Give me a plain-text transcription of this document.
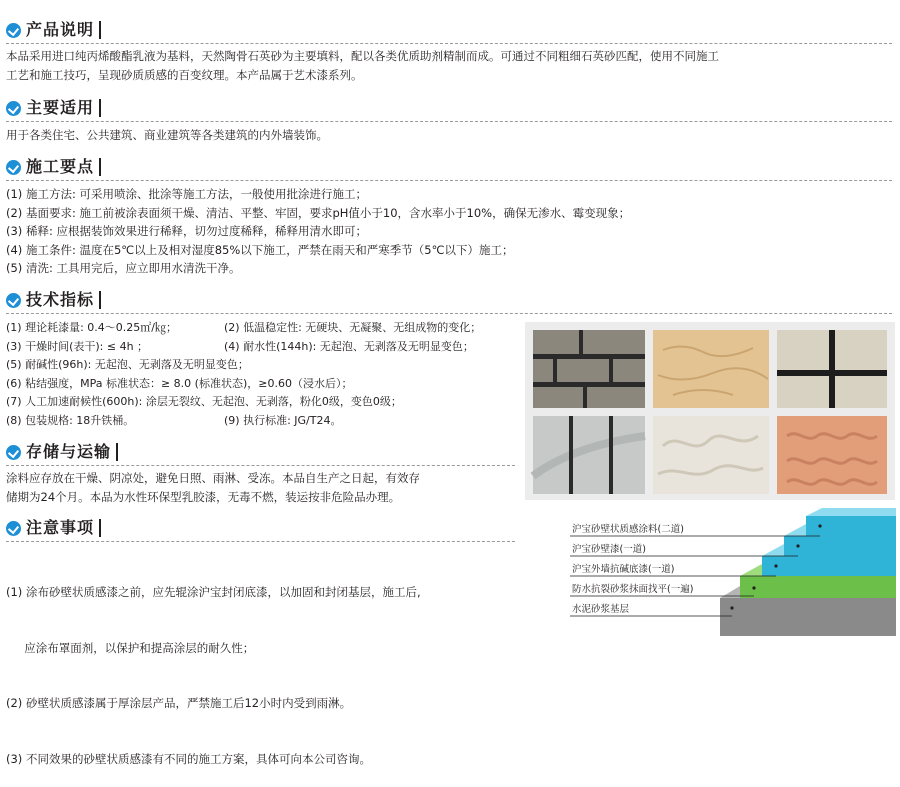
产品说明
本品采用进口纯丙烯酸酯乳液为基料，天然陶骨石英砂为主要填料，配以各类优质助剂精制而成。可通过不同粗细石英砂匹配，使用不同施工
工艺和施工技巧，呈现砂质质感的百变纹理。本产品属于艺术漆系列。
主要适用
用于各类住宅、公共建筑、商业建筑等各类建筑的内外墙装饰。
施工要点
(1) 施工方法: 可采用喷涂、批涂等施工方法，一般使用批涂进行施工；
(2) 基面要求: 施工前被涂表面须干燥、清洁、平整、牢固，要求pH值小于10，含水率小于10%，确保无渗水、霉变现象；
(3) 稀释: 应根据装饰效果进行稀释，切勿过度稀释，稀释用清水即可；
(4) 施工条件: 温度在5℃以上及相对湿度85%以下施工，严禁在雨天和严寒季节（5℃以下）施工；
(5) 清洗: 工具用完后，应立即用水清洗干净。
技术指标
(1) 理论耗漆量: 0.4～0.25㎡/㎏；	(2) 低温稳定性: 无硬块、无凝聚、无组成物的变化；
(3) 干燥时间(表干): ≤ 4h ；	(4) 耐水性(144h): 无起泡、无剥落及无明显变色；
(5) 耐碱性(96h): 无起泡、无剥落及无明显变色；
(6) 粘结强度，MPa 标准状态：≥ 8.0 (标准状态)，≥0.60（浸水后）；
(7) 人工加速耐候性(600h): 涂层无裂纹、无起泡、无剥落，粉化0级，变色0级；
(8) 包装规格: 18升铁桶。	(9) 执行标准: JG/T24。
存储与运输
涂料应存放在干燥、阴凉处，避免日照、雨淋、受冻。本品自生产之日起，有效存
储期为24个月。本品为水性环保型乳胶漆，无毒不燃，装运按非危险品办理。
注意事项

(1) 涂布砂壁状质感漆之前，应先辊涂沪宝封闭底漆，以加固和封闭基层，施工后,

应涂布罩面剂，以保护和提高涂层的耐久性；

(2) 砂壁状质感漆属于厚涂层产品，严禁施工后12小时内受到雨淋。

(3) 不同效果的砂壁状质感漆有不同的施工方案，具体可向本公司咨询。

沪宝砂壁状质感涂料(二道)
沪宝砂壁漆(一道)
沪宝外墙抗碱底漆(一道)
防水抗裂砂浆抹面找平(一遍)
水泥砂浆基层
